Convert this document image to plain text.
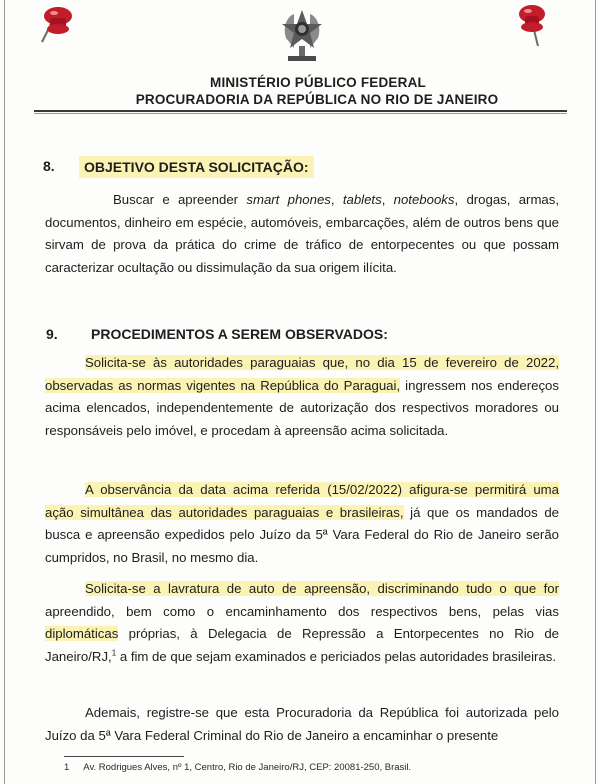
MINISTÉRIO PÚBLICO FEDERAL
PROCURADORIA DA REPÚBLICA NO RIO DE JANEIRO
8.	OBJETIVO DESTA SOLICITAÇÃO:

Buscar e apreender smart phones, tablets, notebooks, drogas, armas, documentos, dinheiro em espécie, automóveis, embarcações, além de outros bens que sirvam de prova da prática do crime de tráfico de entorpecentes ou que possam caracterizar ocultação ou dissimulação da sua origem ilícita.

9. PROCEDIMENTOS A SEREM OBSERVADOS:

Solicita-se às autoridades paraguaias que, no dia 15 de fevereiro de 2022, observadas as normas vigentes na República do Paraguai, ingressem nos endereços acima elencados, independentemente de autorização dos respectivos moradores ou responsáveis pelo imóvel, e procedam à apreensão acima solicitada.

A observância da data acima referida (15/02/2022) afigura-se permitirá uma ação simultânea das autoridades paraguaias e brasileiras, já que os mandados de busca e apreensão expedidos pelo Juízo da 5ª Vara Federal do Rio de Janeiro serão cumpridos, no Brasil, no mesmo dia.

Solicita-se a lavratura de auto de apreensão, discriminando tudo o que for apreendido, bem como o encaminhamento dos respectivos bens, pelas vias diplomáticas próprias, à Delegacia de Repressão a Entorpecentes no Rio de Janeiro/RJ,$^1$ a fim de que sejam examinados e periciados pelas autoridades brasileiras.

Ademais, registre-se que esta Procuradoria da República foi autorizada pelo Juízo da 5ª Vara Federal Criminal do Rio de Janeiro a encaminhar o presente

1 Av. Rodrigues Alves, nº 1, Centro, Rio de Janeiro/RJ, CEP: 20081-250, Brasil.
